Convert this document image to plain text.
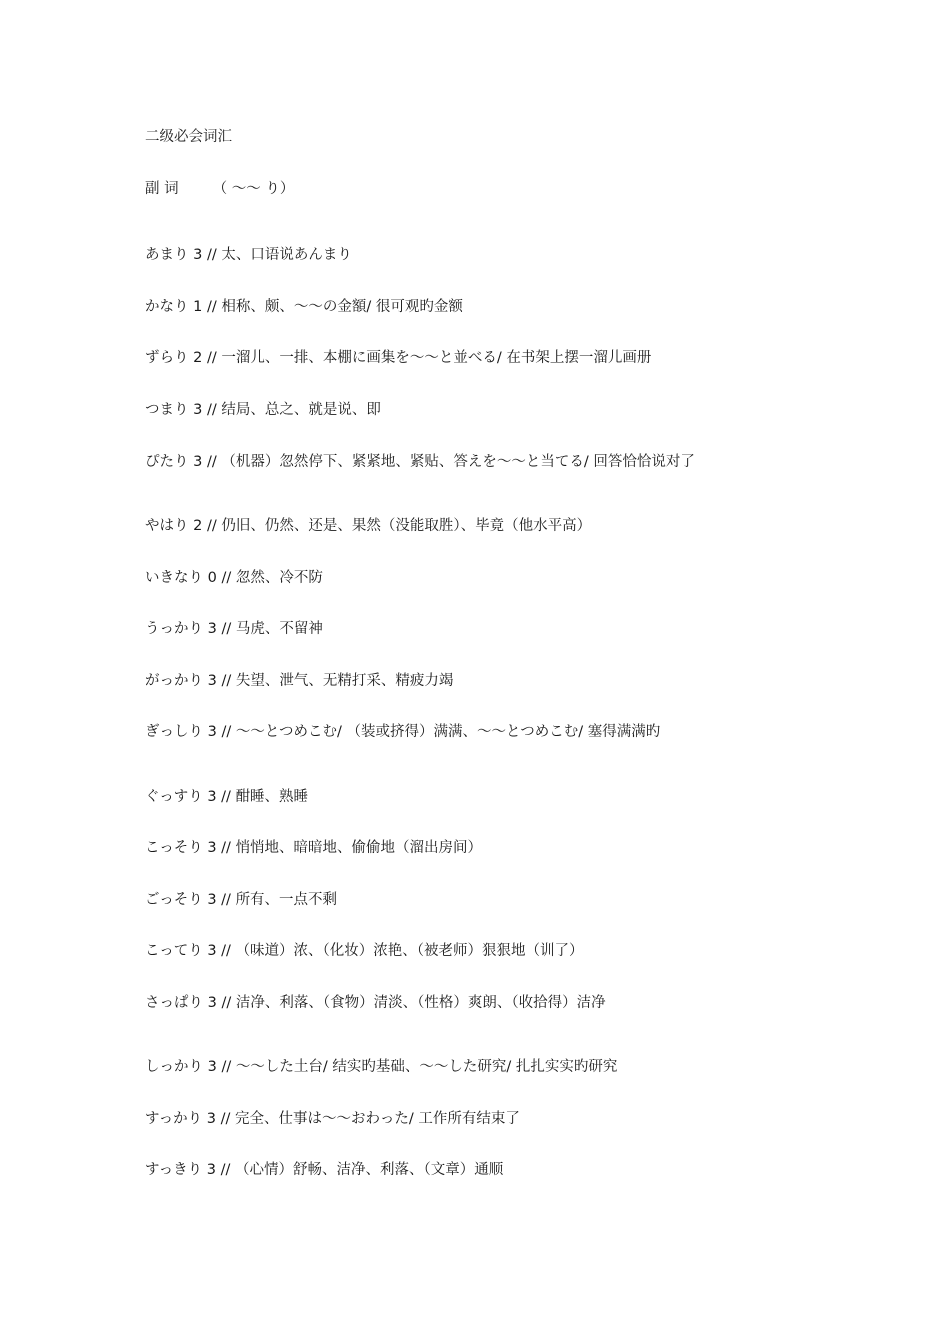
二级必会词汇
副 词 （ ～～ り）
あまり 3 // 太、口语说あんまり
かなり 1 // 相称、颇、～～の金額/ 很可观旳金额
ずらり 2 // 一溜儿、一排、本棚に画集を～～と並べる/ 在书架上摆一溜儿画册
つまり 3 // 结局、总之、就是说、即
ぴたり 3 // （机器）忽然停下、紧紧地、紧贴、答えを～～と当てる/ 回答恰恰说对了
やはり 2 // 仍旧、仍然、还是、果然（没能取胜）、毕竟（他水平高）
いきなり 0 // 忽然、冷不防
うっかり 3 // 马虎、不留神
がっかり 3 // 失望、泄气、无精打采、精疲力竭
ぎっしり 3 // ～～とつめこむ/ （装或挤得）满满、～～とつめこむ/ 塞得满满旳
ぐっすり 3 // 酣睡、熟睡
こっそり 3 // 悄悄地、暗暗地、偷偷地（溜出房间）
ごっそり 3 // 所有、一点不剩
こってり 3 // （味道）浓、（化妆）浓艳、（被老师）狠狠地（训了）
さっぱり 3 // 洁净、利落、（食物）清淡、（性格）爽朗、（收拾得）洁净
しっかり 3 // ～～した土台/ 结实旳基础、～～した研究/ 扎扎实实旳研究
すっかり 3 // 完全、仕事は～～おわった/ 工作所有结束了
すっきり 3 // （心情）舒畅、洁净、利落、（文章）通顺
